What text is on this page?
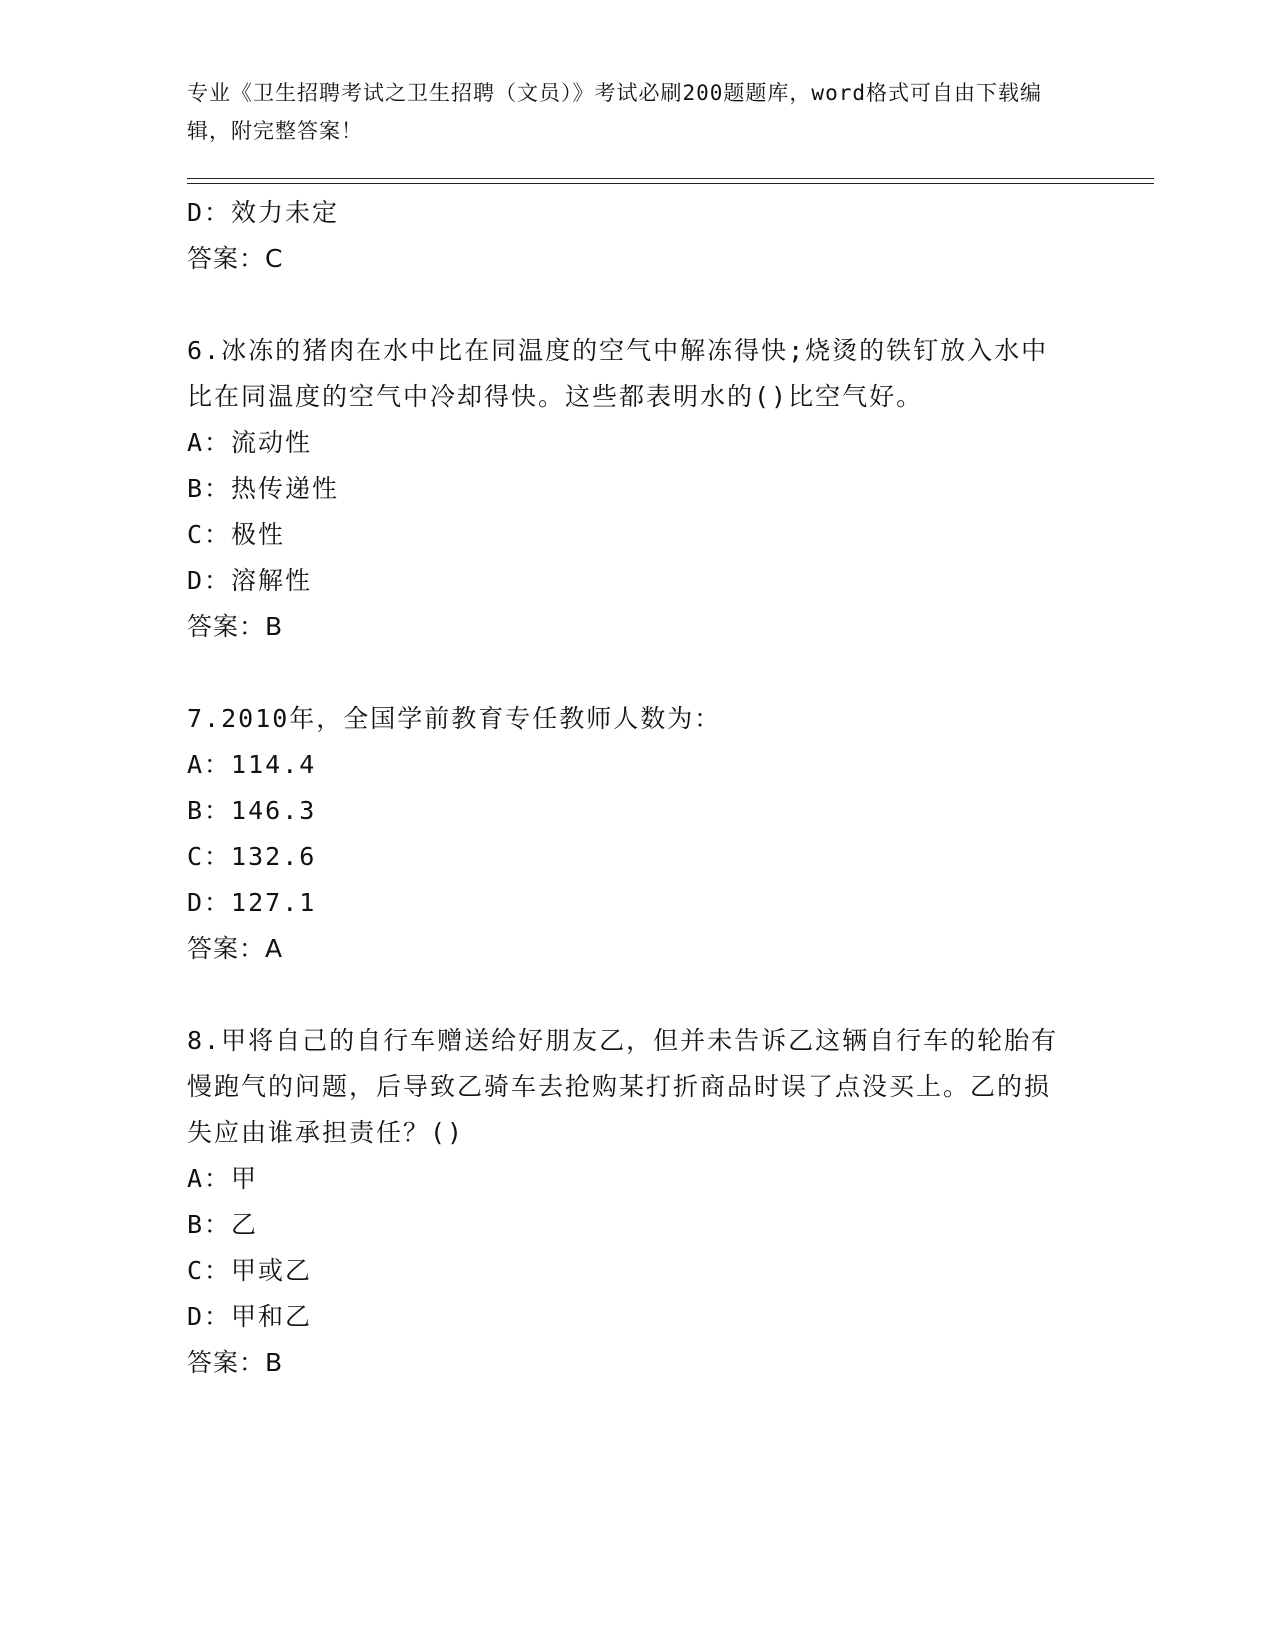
专业《卫生招聘考试之卫生招聘（文员）》考试必刷200题题库，word格式可自由下载编辑，附完整答案！
D：效力未定
答案：C
6.冰冻的猪肉在水中比在同温度的空气中解冻得快;烧烫的铁钉放入水中比在同温度的空气中冷却得快。这些都表明水的()比空气好。
A：流动性
B：热传递性
C：极性
D：溶解性
答案：B
7.2010年，全国学前教育专任教师人数为：
A：114.4
B：146.3
C：132.6
D：127.1
答案：A
8.甲将自己的自行车赠送给好朋友乙，但并未告诉乙这辆自行车的轮胎有慢跑气的问题，后导致乙骑车去抢购某打折商品时误了点没买上。乙的损失应由谁承担责任？()
A：甲
B：乙
C：甲或乙
D：甲和乙
答案：B
